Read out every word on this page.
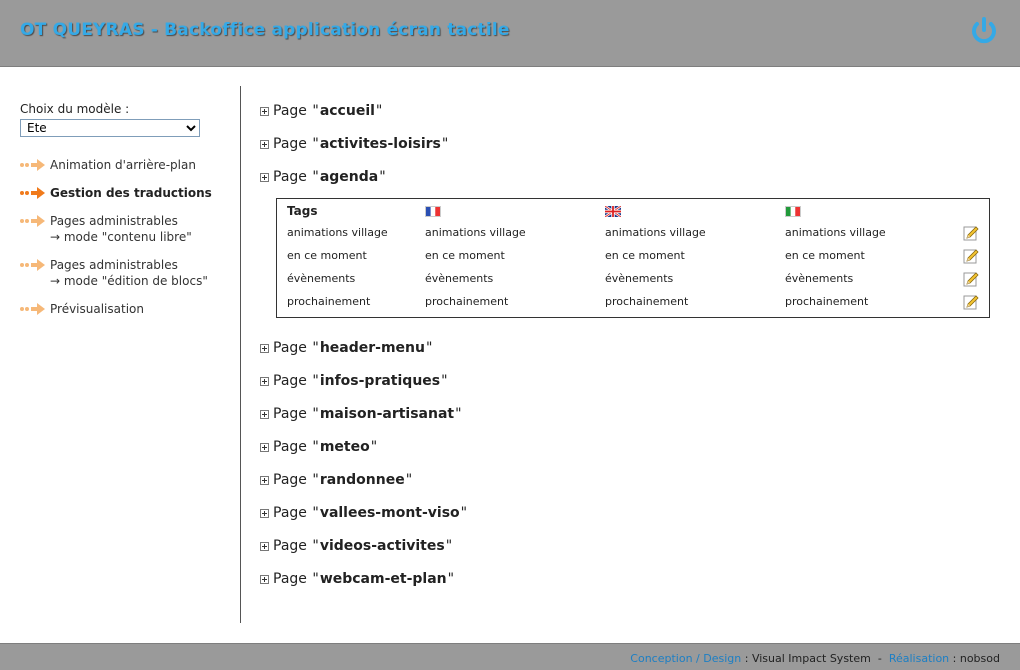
OT QUEYRAS - Backoffice application écran tactile
Choix du modèle :
Ete
Animation d'arrière-plan
Gestion des traductions
Pages administrables
→ mode "contenu libre"
Pages administrables
→ mode "édition de blocs"
Prévisualisation
Page
" accueil "
Page
" activites-loisirs "
Page
" agenda "
Tags				
animations village	animations village	animations village	animations village	

en ce moment	en ce moment	en ce moment	en ce moment	

évènements	évènements	évènements	évènements	

prochainement	prochainement	prochainement	prochainement	
Page
" header-menu "
Page
" infos-pratiques "
Page
" maison-artisanat "
Page
" meteo "
Page
" randonnee "
Page
" vallees-mont-viso "
Page
" videos-activites "
Page
" webcam-et-plan "
Conception / Design : Visual Impact System  -  Réalisation : nobsod
